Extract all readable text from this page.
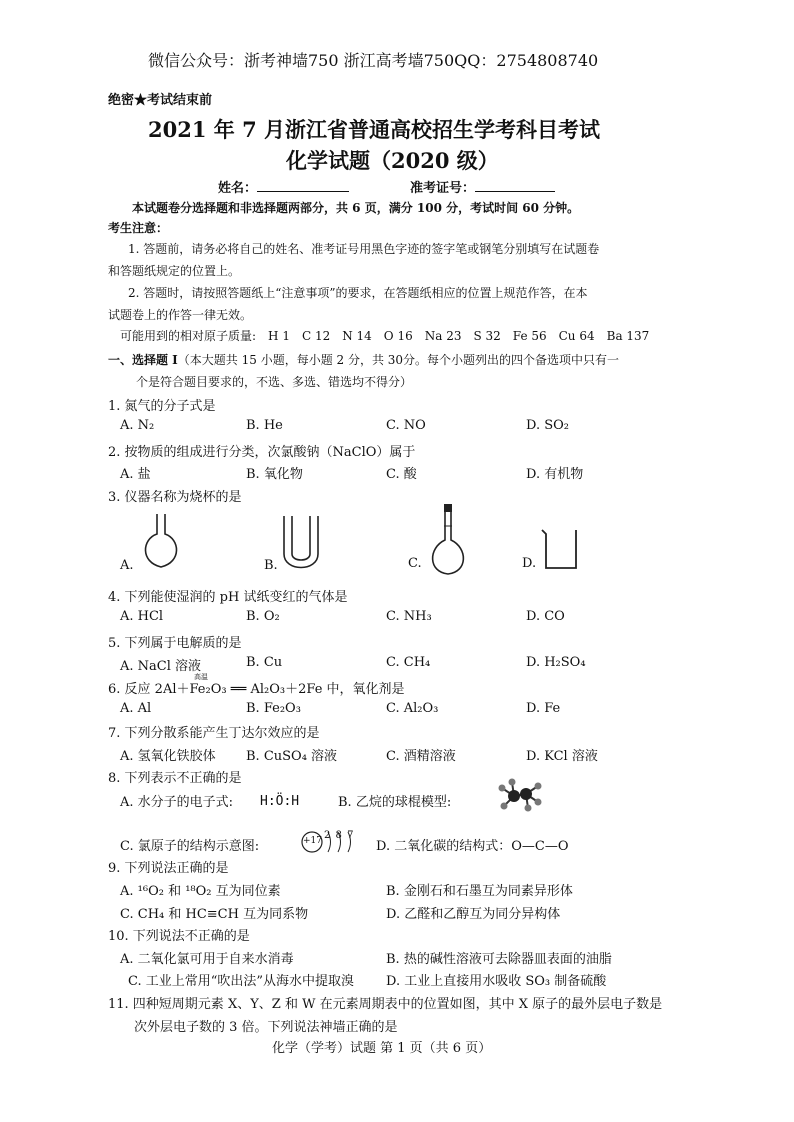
微信公众号：浙考神墙750 浙江高考墙750QQ：2754808740
绝密★考试结束前
2021 年 7 月浙江省普通高校招生学考科目考试
化学试题（2020 级）
姓名：	准考证号：
本试题卷分选择题和非选择题两部分，共 6 页，满分 100 分，考试时间 60 分钟。
考生注意：
1. 答题前，请务必将自己的姓名、准考证号用黑色字迹的签字笔或钢笔分别填写在试题卷
和答题纸规定的位置上。
2. 答题时，请按照答题纸上“注意事项”的要求，在答题纸相应的位置上规范作答，在本
试题卷上的作答一律无效。
可能用到的相对原子质量:　H 1　C 12　N 14　O 16　Na 23　S 32　Fe 56　Cu 64　Ba 137
一、选择题 I（本大题共 15 小题，每小题 2 分，共 30分。每个小题列出的四个备选项中只有一
个是符合题目要求的，不选、多选、错选均不得分）
1. 氮气的分子式是
A. N₂	B. He	C. NO	D. SO₂
2. 按物质的组成进行分类，次氯酸钠（NaClO）属于
A. 盐	B. 氧化物	C. 酸	D. 有机物
3. 仪器名称为烧杯的是
A.	B.	C.	D.
4. 下列能使湿润的 pH 试纸变红的气体是
A. HCl	B. O₂	C. NH₃	D. CO
5. 下列属于电解质的是
A. NaCl 溶液	B. Cu	C. CH₄	D. H₂SO₄
高温
6. 反应 2Al＋Fe₂O₃ ══ Al₂O₃＋2Fe 中，氧化剂是
A. Al	B. Fe₂O₃	C. Al₂O₃	D. Fe
7. 下列分散系能产生丁达尔效应的是
A. 氢氧化铁胶体 B. CuSO₄ 溶液	C. 酒精溶液	D. KCl 溶液
8. 下列表示不正确的是
A. 水分子的电子式: H:Ö:H	B. 乙烷的球棍模型:
C. 氯原子的结构示意图:	+17 2 8 7
D. 二氧化碳的结构式：O—C—O
9. 下列说法正确的是
A. ¹⁶O₂ 和 ¹⁸O₂ 互为同位素	B. 金刚石和石墨互为同素异形体
C. CH₄ 和 HC≡CH 互为同系物	D. 乙醛和乙醇互为同分异构体
10. 下列说法不正确的是
A. 二氧化氯可用于自来水消毒	B. 热的碱性溶液可去除器皿表面的油脂
C. 工业上常用“吹出法”从海水中提取溴 D. 工业上直接用水吸收 SO₃ 制备硫酸
11. 四种短周期元素 X、Y、Z 和 W 在元素周期表中的位置如图，其中 X 原子的最外层电子数是
次外层电子数的 3 倍。下列说法神墙正确的是
化学（学考）试题 第 1 页（共 6 页）
